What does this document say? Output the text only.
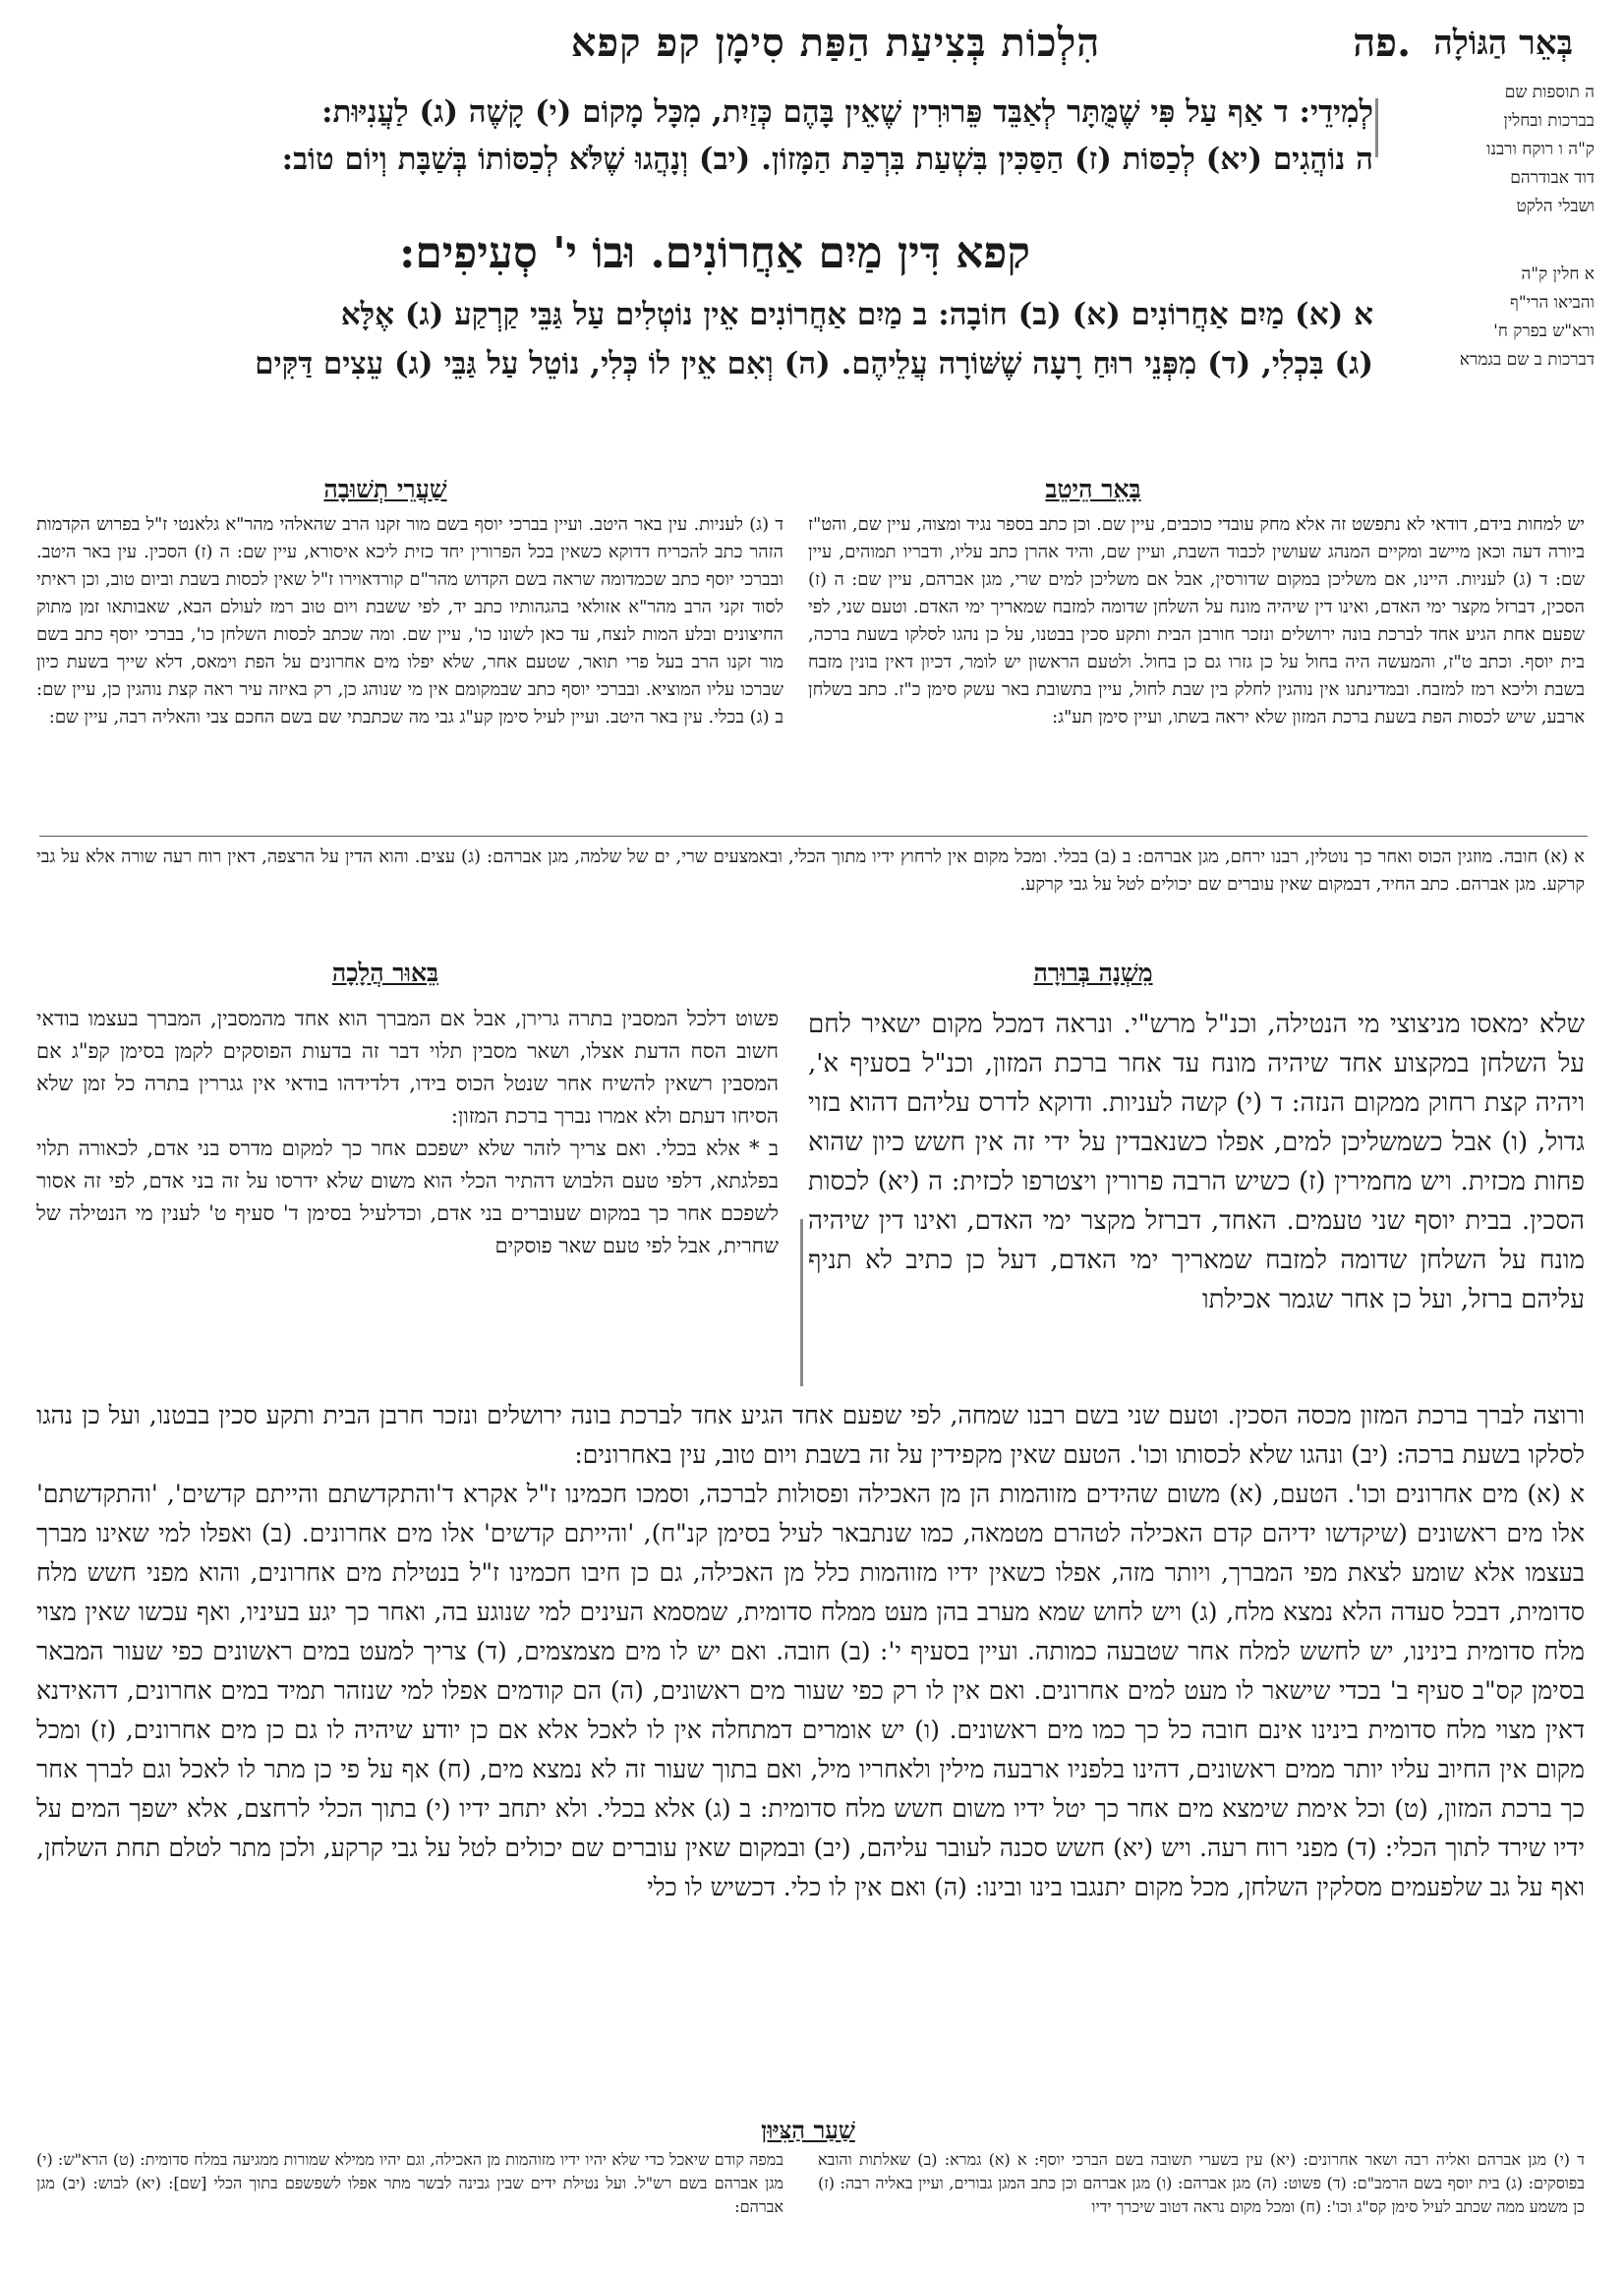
הִלְכוֹת בְּצִיעַת הַפַּת סִימָן קפ קפא	פה. בְּאֵר הַגּוֹלָה
ה תוספות שם
בברכות ובחלין
ק"ה ו רוקח ורבנו
דוד אבודרהם
ושבלי הלקט
א חלין ק"ה
והביאו הרי"ף
ורא"ש בפרק ח'
דברכות ב שם בגמרא
לְמִידֵי: ד אַף עַל פִּי שֶׁמֻּתָּר לְאַבֵּד פֵּרוּרִין שֶׁאֵין בָּהֶם כְּזַיִת, מִכָּל מָקוֹם (י) קָשֶׁה (ג) לַעֲנִיּוּת:
ה נוֹהֲגִים (יא) לְכַסּוֹת (ז) הַסַּכִּין בִּשְׁעַת בִּרְכַּת הַמָּזוֹן. (יב) וְנָהֲגוּ שֶׁלֹּא לְכַסּוֹתוֹ בְּשַׁבָּת וְיוֹם טוֹב:
קפא דִּין מַיִם אַחֲרוֹנִים. וּבוֹ י' סְעִיפִים:
א (א) מַיִם אַחֲרוֹנִים (א) (ב) חוֹבָה: ב מַיִם אַחֲרוֹנִים אֵין נוֹטְלִים עַל גַּבֵּי קַרְקַע (ג) אֶלָּא
(ג) בִּכְלִי, (ד) מִפְּנֵי רוּחַ רָעָה שֶׁשּׁוֹרָה עֲלֵיהֶם. (ה) וְאִם אֵין לוֹ כְּלִי, נוֹטֵל עַל גַּבֵּי (ג) עֵצִים דַּקִּים
בָּאֵר הֵיטֵב
שַׁעֲרֵי תְשׁוּבָה
יש למחות בידם, דודאי לא נתפשט זה אלא מחק עובדי כוכבים, עיין שם. וכן כתב בספר נגיד ומצוה, עיין שם, והט"ז ביורה דעה וכאן מיישב ומקיים המנהג שעושין לכבוד השבת, ועיין שם, והיד אהרן כתב עליו, ודבריו תמוהים, עיין שם: ד (ג) לעניות. היינו, אם משליכן במקום שדורסין, אבל אם משליכן למים שרי, מגן אברהם, עיין שם: ה (ז) הסכין, דברזל מקצר ימי האדם, ואינו דין שיהיה מונח על השלחן שדומה למזבח שמאריך ימי האדם. וטעם שני, לפי שפעם אחת הגיע אחד לברכת בונה ירושלים ונזכר חורבן הבית ותקע סכין בבטנו, על כן נהגו לסלקו בשעת ברכה, בית יוסף. וכתב ט"ז, והמעשה היה בחול על כן גזרו גם כן בחול. ולטעם הראשון יש לומר, דכיון דאין בונין מזבח בשבת וליכא רמז למזבח. ובמדינתנו אין נוהגין לחלק בין שבת לחול, עיין בתשובת באר עשק סימן כ"ז. כתב בשלחן ארבע, שיש לכסות הפת בשעת ברכת המזון שלא יראה בשתו, ועיין סימן תע"ג:
ד (ג) לעניות. עין באר היטב. ועיין בברכי יוסף בשם מור זקנו הרב שהאלהי מהר"א גלאנטי ז"ל בפרוש הקדמות הזהר כתב להכריח דדוקא כשאין בכל הפרורין יחד כזית ליכא איסורא, עיין שם: ה (ז) הסכין. עין באר היטב. ובברכי יוסף כתב שכמדומה שראה בשם הקדוש מהר"ם קורדאוירו ז"ל שאין לכסות בשבת וביום טוב, וכן ראיתי לסוד זקני הרב מהר"א אזולאי בהגהותיו כתב יד, לפי ששבת ויום טוב רמז לעולם הבא, שאבותאו זמן מתוק החיצונים ובלע המות לנצח, עד כאן לשונו כו', עיין שם. ומה שכתב לכסות השלחן כו', בברכי יוסף כתב בשם מור זקנו הרב בעל פרי תואר, שטעם אחר, שלא יפלו מים אחרונים על הפת וימאס, דלא שייך בשעת כיון שברכו עליו המוציא. ובברכי יוסף כתב שבמקומם אין מי שנוהג כן, רק באיזה עיר ראה קצת נוהגין כן, עיין שם: ב (ג) בכלי. עין באר היטב. ועיין לעיל סימן קע"ג גבי מה שכתבתי שם בשם החכם צבי והאליה רבה, עיין שם:
א (א) חובה. מוזגין הכוס ואחר כך נוטלין, רבנו ירחם, מגן אברהם: ב (ב) בכלי. ומכל מקום אין לרחוץ ידיו מתוך הכלי, ובאמצעים שרי, ים של שלמה, מגן אברהם: (ג) עצים. והוא הדין על הרצפה, דאין רוח רעה שורה אלא על גבי קרקע. מגן אברהם. כתב החיד, דבמקום שאין עוברים שם יכולים לטל על גבי קרקע.
מִשְׁנָה בְּרוּרָה
בֵּאוּר הֲלָכָה
שלא ימאסו מניצוצי מי הנטילה, וכנ"ל מרש"י. ונראה דמכל מקום ישאיר לחם על השלחן במקצוע אחד שיהיה מונח עד אחר ברכת המזון, וכנ"ל בסעיף א', ויהיה קצת רחוק ממקום הנזה: ד (י) קשה לעניות. ודוקא לדרס עליהם דהוא בזוי גדול, (ו) אבל כשמשליכן למים, אפלו כשנאבדין על ידי זה אין חשש כיון שהוא פחות מכזית. ויש מחמירין (ז) כשיש הרבה פרורין ויצטרפו לכזית: ה (יא) לכסות הסכין. בבית יוסף שני טעמים. האחד, דברזל מקצר ימי האדם, ואינו דין שיהיה מונח על השלחן שדומה למזבח שמאריך ימי האדם, דעל כן כתיב לא תניף עליהם ברזל, ועל כן אחר שגמר אכילתו

פשוט דלכל המסבין בתרה גרירן, אבל אם המברך הוא אחד מהמסבין, המברך בעצמו בודאי חשוב הסח הדעת אצלו, ושאר מסבין תלוי דבר זה בדעות הפוסקים לקמן בסימן קפ"ג אם המסבין רשאין להשיח אחר שנטל הכוס בידו, דלדידהו בודאי אין גגררין בתרה כל זמן שלא הסיחו דעתם ולא אמרו נברך ברכת המזון:

ב * אלא בכלי. ואם צריך לזהר שלא ישפכם אחר כך למקום מדרס בני אדם, לכאורה תלוי בפלגתא, דלפי טעם הלבוש דהתיר הכלי הוא משום שלא ידרסו על זה בני אדם, לפי זה אסור לשפכם אחר כך במקום שעוברים בני אדם, וכדלעיל בסימן ד' סעיף ט' לענין מי הנטילה של שחרית, אבל לפי טעם שאר פוסקים

ורוצה לברך ברכת המזון מכסה הסכין. וטעם שני בשם רבנו שמחה, לפי שפעם אחד הגיע אחד לברכת בונה ירושלים ונזכר חרבן הבית ותקע סכין בבטנו, ועל כן נהגו לסלקו בשעת ברכה: (יב) ונהגו שלא לכסותו וכו'. הטעם שאין מקפידין על זה בשבת ויום טוב, עין באחרונים:

א (א) מים אחרונים וכו'. הטעם, (א) משום שהידים מזוהמות הן מן האכילה ופסולות לברכה, וסמכו חכמינו ז"ל אקרא ד'והתקדשתם והייתם קדשים', 'והתקדשתם' אלו מים ראשונים (שיקדשו ידיהם קדם האכילה לטהרם מטמאה, כמו שנתבאר לעיל בסימן קנ"ח), 'והייתם קדשים' אלו מים אחרונים. (ב) ואפלו למי שאינו מברך בעצמו אלא שומע לצאת מפי המברך, ויותר מזה, אפלו כשאין ידיו מזוהמות כלל מן האכילה, גם כן חיבו חכמינו ז"ל בנטילת מים אחרונים, והוא מפני חשש מלח סדומית, דבכל סעדה הלא נמצא מלח, (ג) ויש לחוש שמא מערב בהן מעט ממלח סדומית, שמסמא העינים למי שנוגע בה, ואחר כך יגע בעיניו, ואף עכשו שאין מצוי מלח סדומית בינינו, יש לחשש למלח אחר שטבעה כמותה. ועיין בסעיף י': (ב) חובה. ואם יש לו מים מצמצמים, (ד) צריך למעט במים ראשונים כפי שעור המבאר בסימן קס"ב סעיף ב' בכדי שישאר לו מעט למים אחרונים. ואם אין לו רק כפי שעור מים ראשונים, (ה) הם קודמים אפלו למי שנזהר תמיד במים אחרונים, דהאידנא דאין מצוי מלח סדומית בינינו אינם חובה כל כך כמו מים ראשונים. (ו) יש אומרים דמתחלה אין לו לאכל אלא אם כן יודע שיהיה לו גם כן מים אחרונים, (ז) ומכל מקום אין החיוב עליו יותר ממים ראשונים, דהינו בלפניו ארבעה מילין ולאחריו מיל, ואם בתוך שעור זה לא נמצא מים, (ח) אף על פי כן מתר לו לאכל וגם לברך אחר כך ברכת המזון, (ט) וכל אימת שימצא מים אחר כך יטל ידיו משום חשש מלח סדומית: ב (ג) אלא בכלי. ולא יתחב ידיו (י) בתוך הכלי לרחצם, אלא ישפך המים על ידיו שירד לתוך הכלי: (ד) מפני רוח רעה. ויש (יא) חשש סכנה לעובר עליהם, (יב) ובמקום שאין עוברים שם יכולים לטל על גבי קרקע, ולכן מתר לטלם תחת השלחן, ואף על גב שלפעמים מסלקין השלחן, מכל מקום יתנגבו בינו ובינו: (ה) ואם אין לו כלי. דכשיש לו כלי

שַׁעַר הַצִּיּוּן
ד (י) מגן אברהם ואליה רבה ושאר אחרונים: (יא) עין בשערי תשובה בשם הברכי יוסף: א (א) גמרא: (ב) שאלתות והובא בפוסקים: (ג) בית יוסף בשם הרמב"ם: (ד) פשוט: (ה) מגן אברהם: (ו) מגן אברהם וכן כתב המגן גבורים, ועיין באליה רבה: (ז) כן משמע ממה שכתב לעיל סימן קס"ג וכו': (ח) ומכל מקום נראה דטוב שיכרך ידיו
במפה קודם שיאכל כדי שלא יהיו ידיו מזוהמות מן האכילה, וגם יהיו ממילא שמורות ממגיעה במלח סדומית: (ט) הרא"ש: (י) מגן אברהם בשם רש"ל. ועל נטילת ידים שבין גבינה לבשר מתר אפלו לשפשפם בתוך הכלי [שם]: (יא) לבוש: (יב) מגן אברהם:
